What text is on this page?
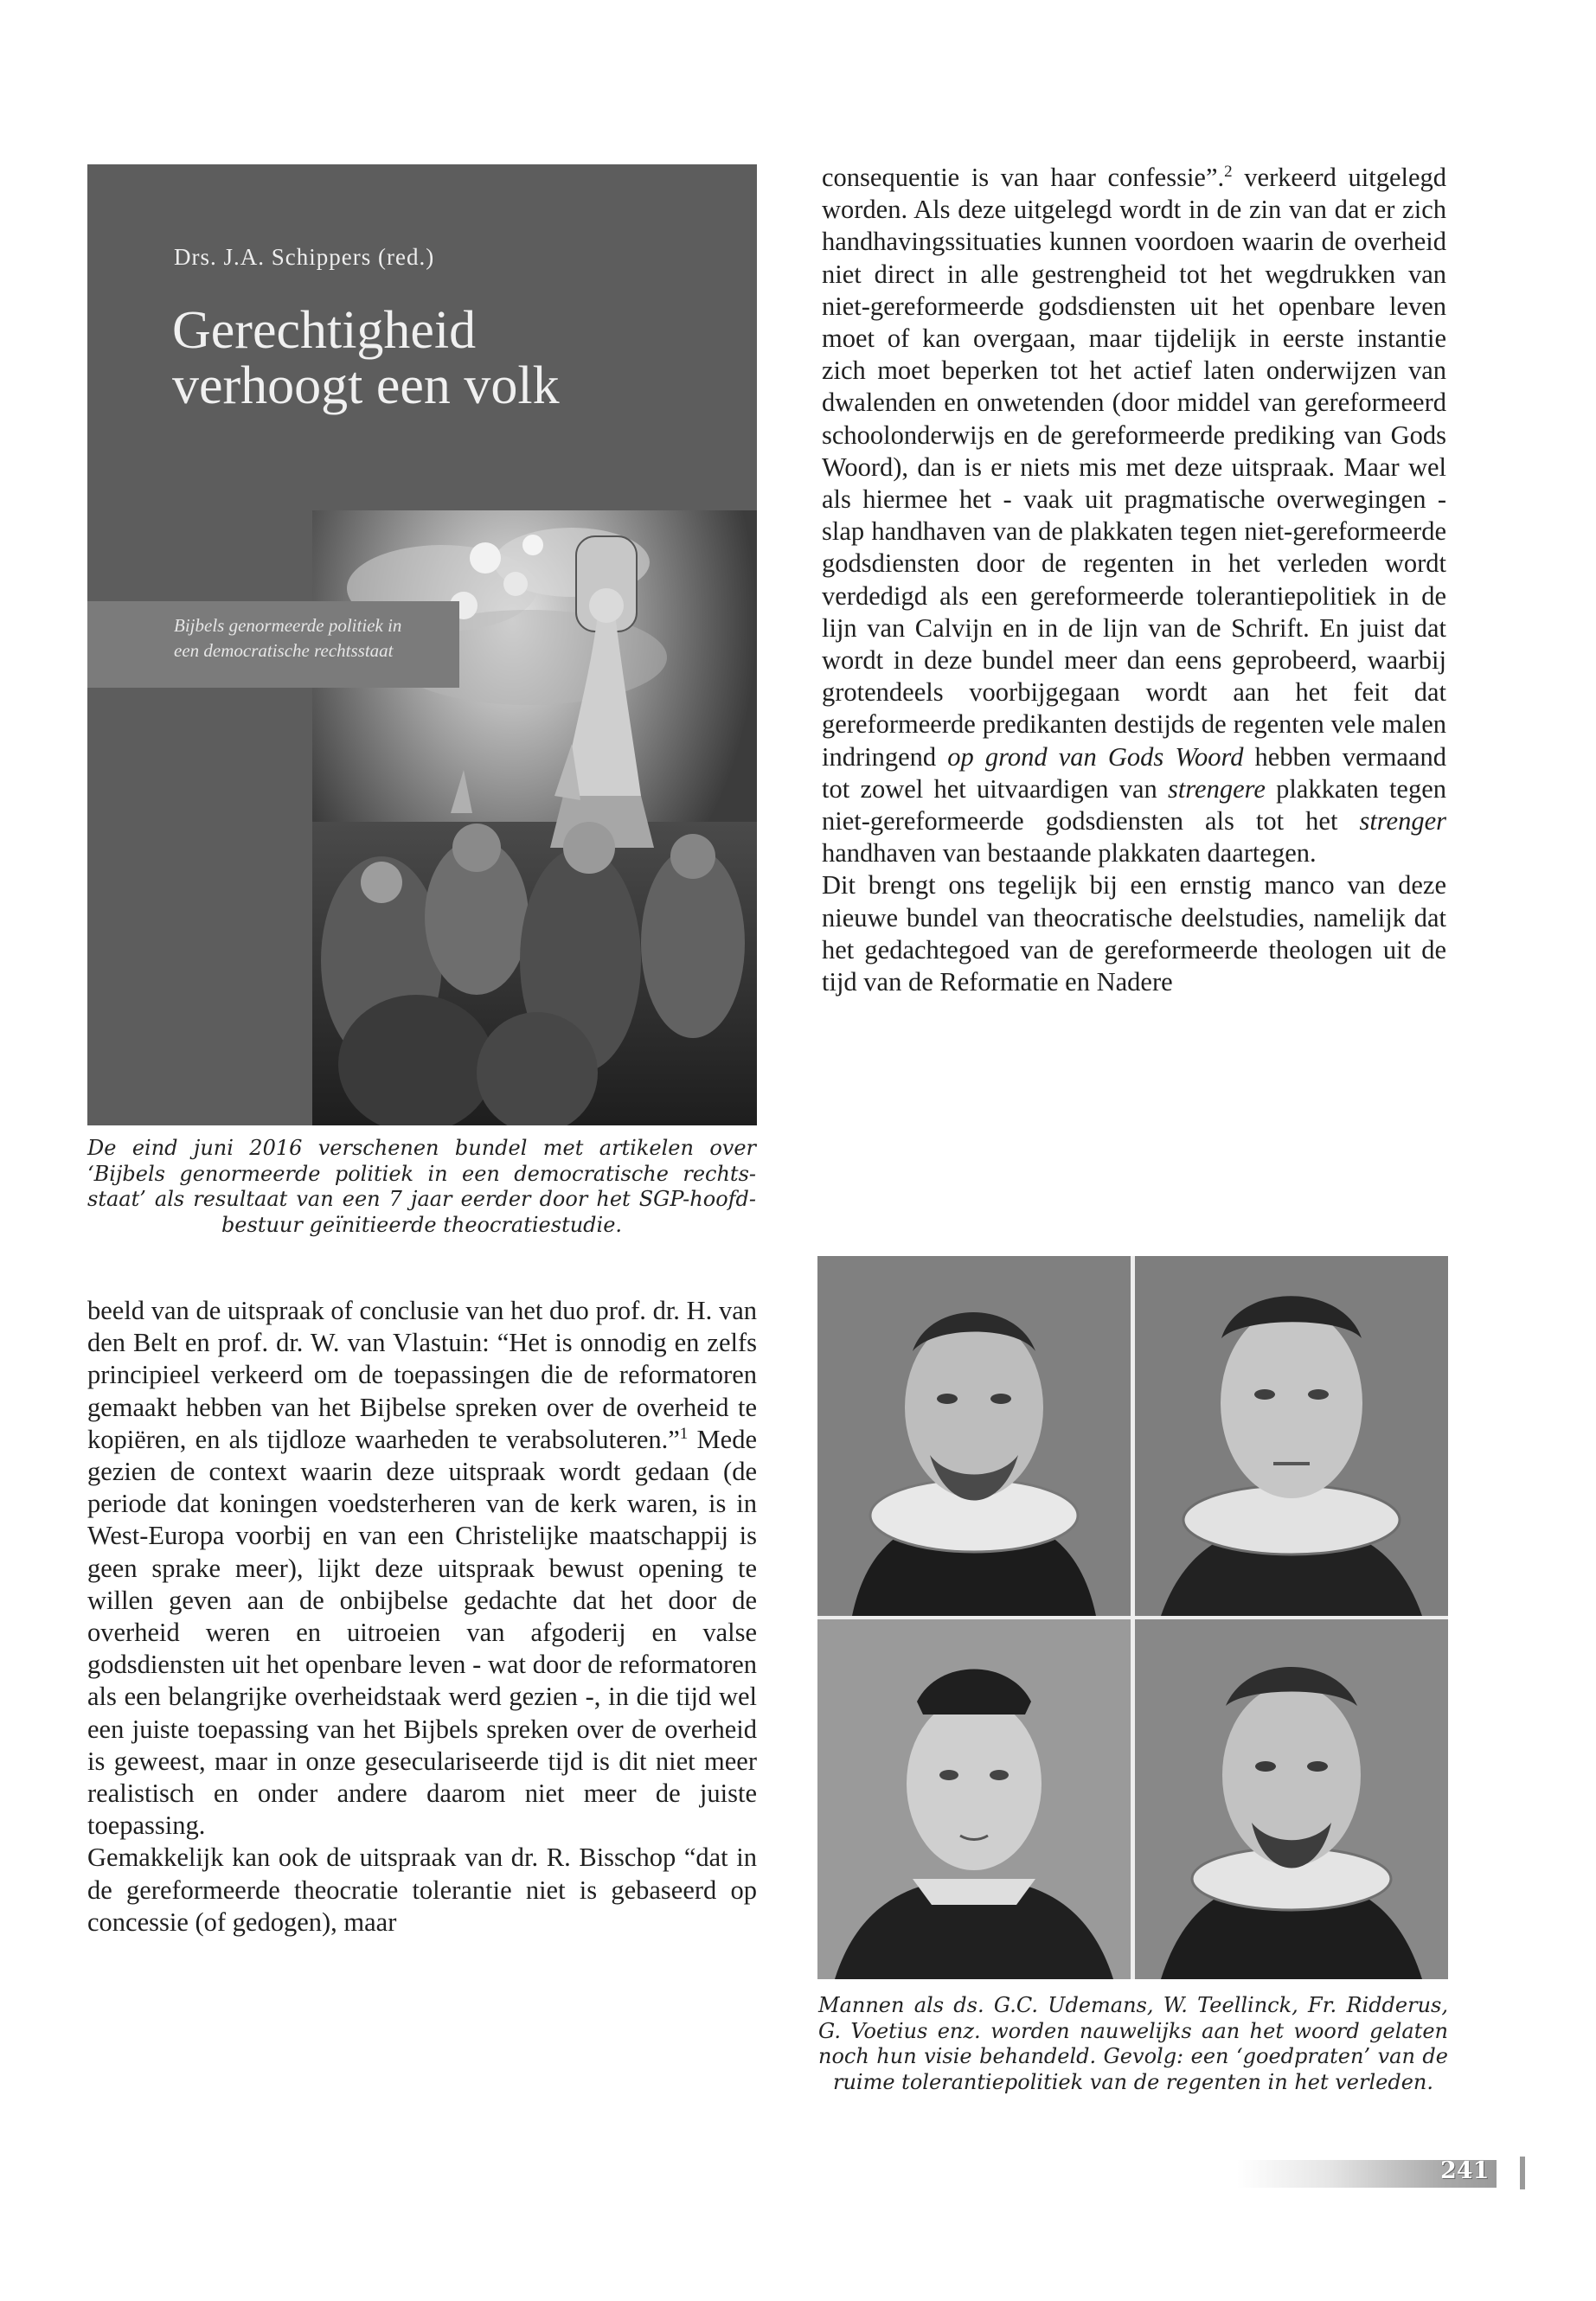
Drs. J.A. Schippers (red.)
Gerechtigheid
verhoogt een volk
Bijbels genormeerde politiek in
een democratische rechtsstaat
De eind juni 2016 verschenen bundel met artikelen over ‘Bijbels genormeerde politiek in een democratische rechtsstaat’ als resultaat van een 7 jaar eerder door het SGP-hoofdbestuur geïnitieerde theocratiestudie.

consequentie is van haar confessie”.$^2$ verkeerd uitgelegd worden. Als deze uitgelegd wordt in de zin van dat er zich handhavingssituaties kunnen voordoen waarin de overheid niet direct in alle gestrengheid tot het wegdrukken van niet-gereformeerde godsdiensten uit het openbare leven moet of kan overgaan, maar tijdelijk in eerste instantie zich moet beperken tot het actief laten onderwijzen van dwalenden en onwetenden (door middel van gereformeerd schoolonderwijs en de gereformeerde prediking van Gods Woord), dan is er niets mis met deze uitspraak. Maar wel als hiermee het - vaak uit pragmatische overwegingen - slap handhaven van de plakkaten tegen niet-gereformeerde godsdiensten door de regenten in het verleden wordt verdedigd als een gereformeerde tolerantiepolitiek in de lijn van Calvijn en in de lijn van de Schrift. En juist dat wordt in deze bundel meer dan eens geprobeerd, waarbij grotendeels voorbijgegaan wordt aan het feit dat gereformeerde predikanten destijds de regenten vele malen indringend op grond van Gods Woord hebben vermaand tot zowel het uitvaardigen van strengere plakkaten tegen niet-gereformeerde godsdiensten als tot het strenger handhaven van bestaande plakkaten daartegen.

Dit brengt ons tegelijk bij een ernstig manco van deze nieuwe bundel van theocratische deelstudies, namelijk dat het gedachtegoed van de gereformeerde theologen uit de tijd van de Reformatie en Nadere

Mannen als ds. G.C. Udemans, W. Teellinck, Fr. Ridderus, G. Voetius enz. worden nauwelijks aan het woord gelaten noch hun visie behandeld. Gevolg: een ‘goedpraten’ van de ruime tolerantiepolitiek van de regenten in het verleden.

beeld van de uitspraak of conclusie van het duo prof. dr. H. van den Belt en prof. dr. W. van Vlastuin: “Het is onnodig en zelfs principieel verkeerd om de toepassingen die de reformatoren gemaakt hebben van het Bijbelse spreken over de overheid te kopiëren, en als tijdloze waarheden te verabsoluteren.”$^1$ Mede gezien de context waarin deze uitspraak wordt gedaan (de periode dat koningen voedsterheren van de kerk waren, is in West-Europa voorbij en van een Christelijke maatschappij is geen sprake meer), lijkt deze uitspraak bewust opening te willen geven aan de onbijbelse gedachte dat het door de overheid weren en uitroeien van afgoderij en valse godsdiensten uit het openbare leven - wat door de reformatoren als een belangrijke overheidstaak werd gezien -, in die tijd wel een juiste toepassing van het Bijbels spreken over de overheid is geweest, maar in onze geseculariseerde tijd is dit niet meer realistisch en onder andere daarom niet meer de juiste toepassing.

Gemakkelijk kan ook de uitspraak van dr. R. Bisschop “dat in de gereformeerde theocratie tolerantie niet is gebaseerd op concessie (of gedogen), maar

241
